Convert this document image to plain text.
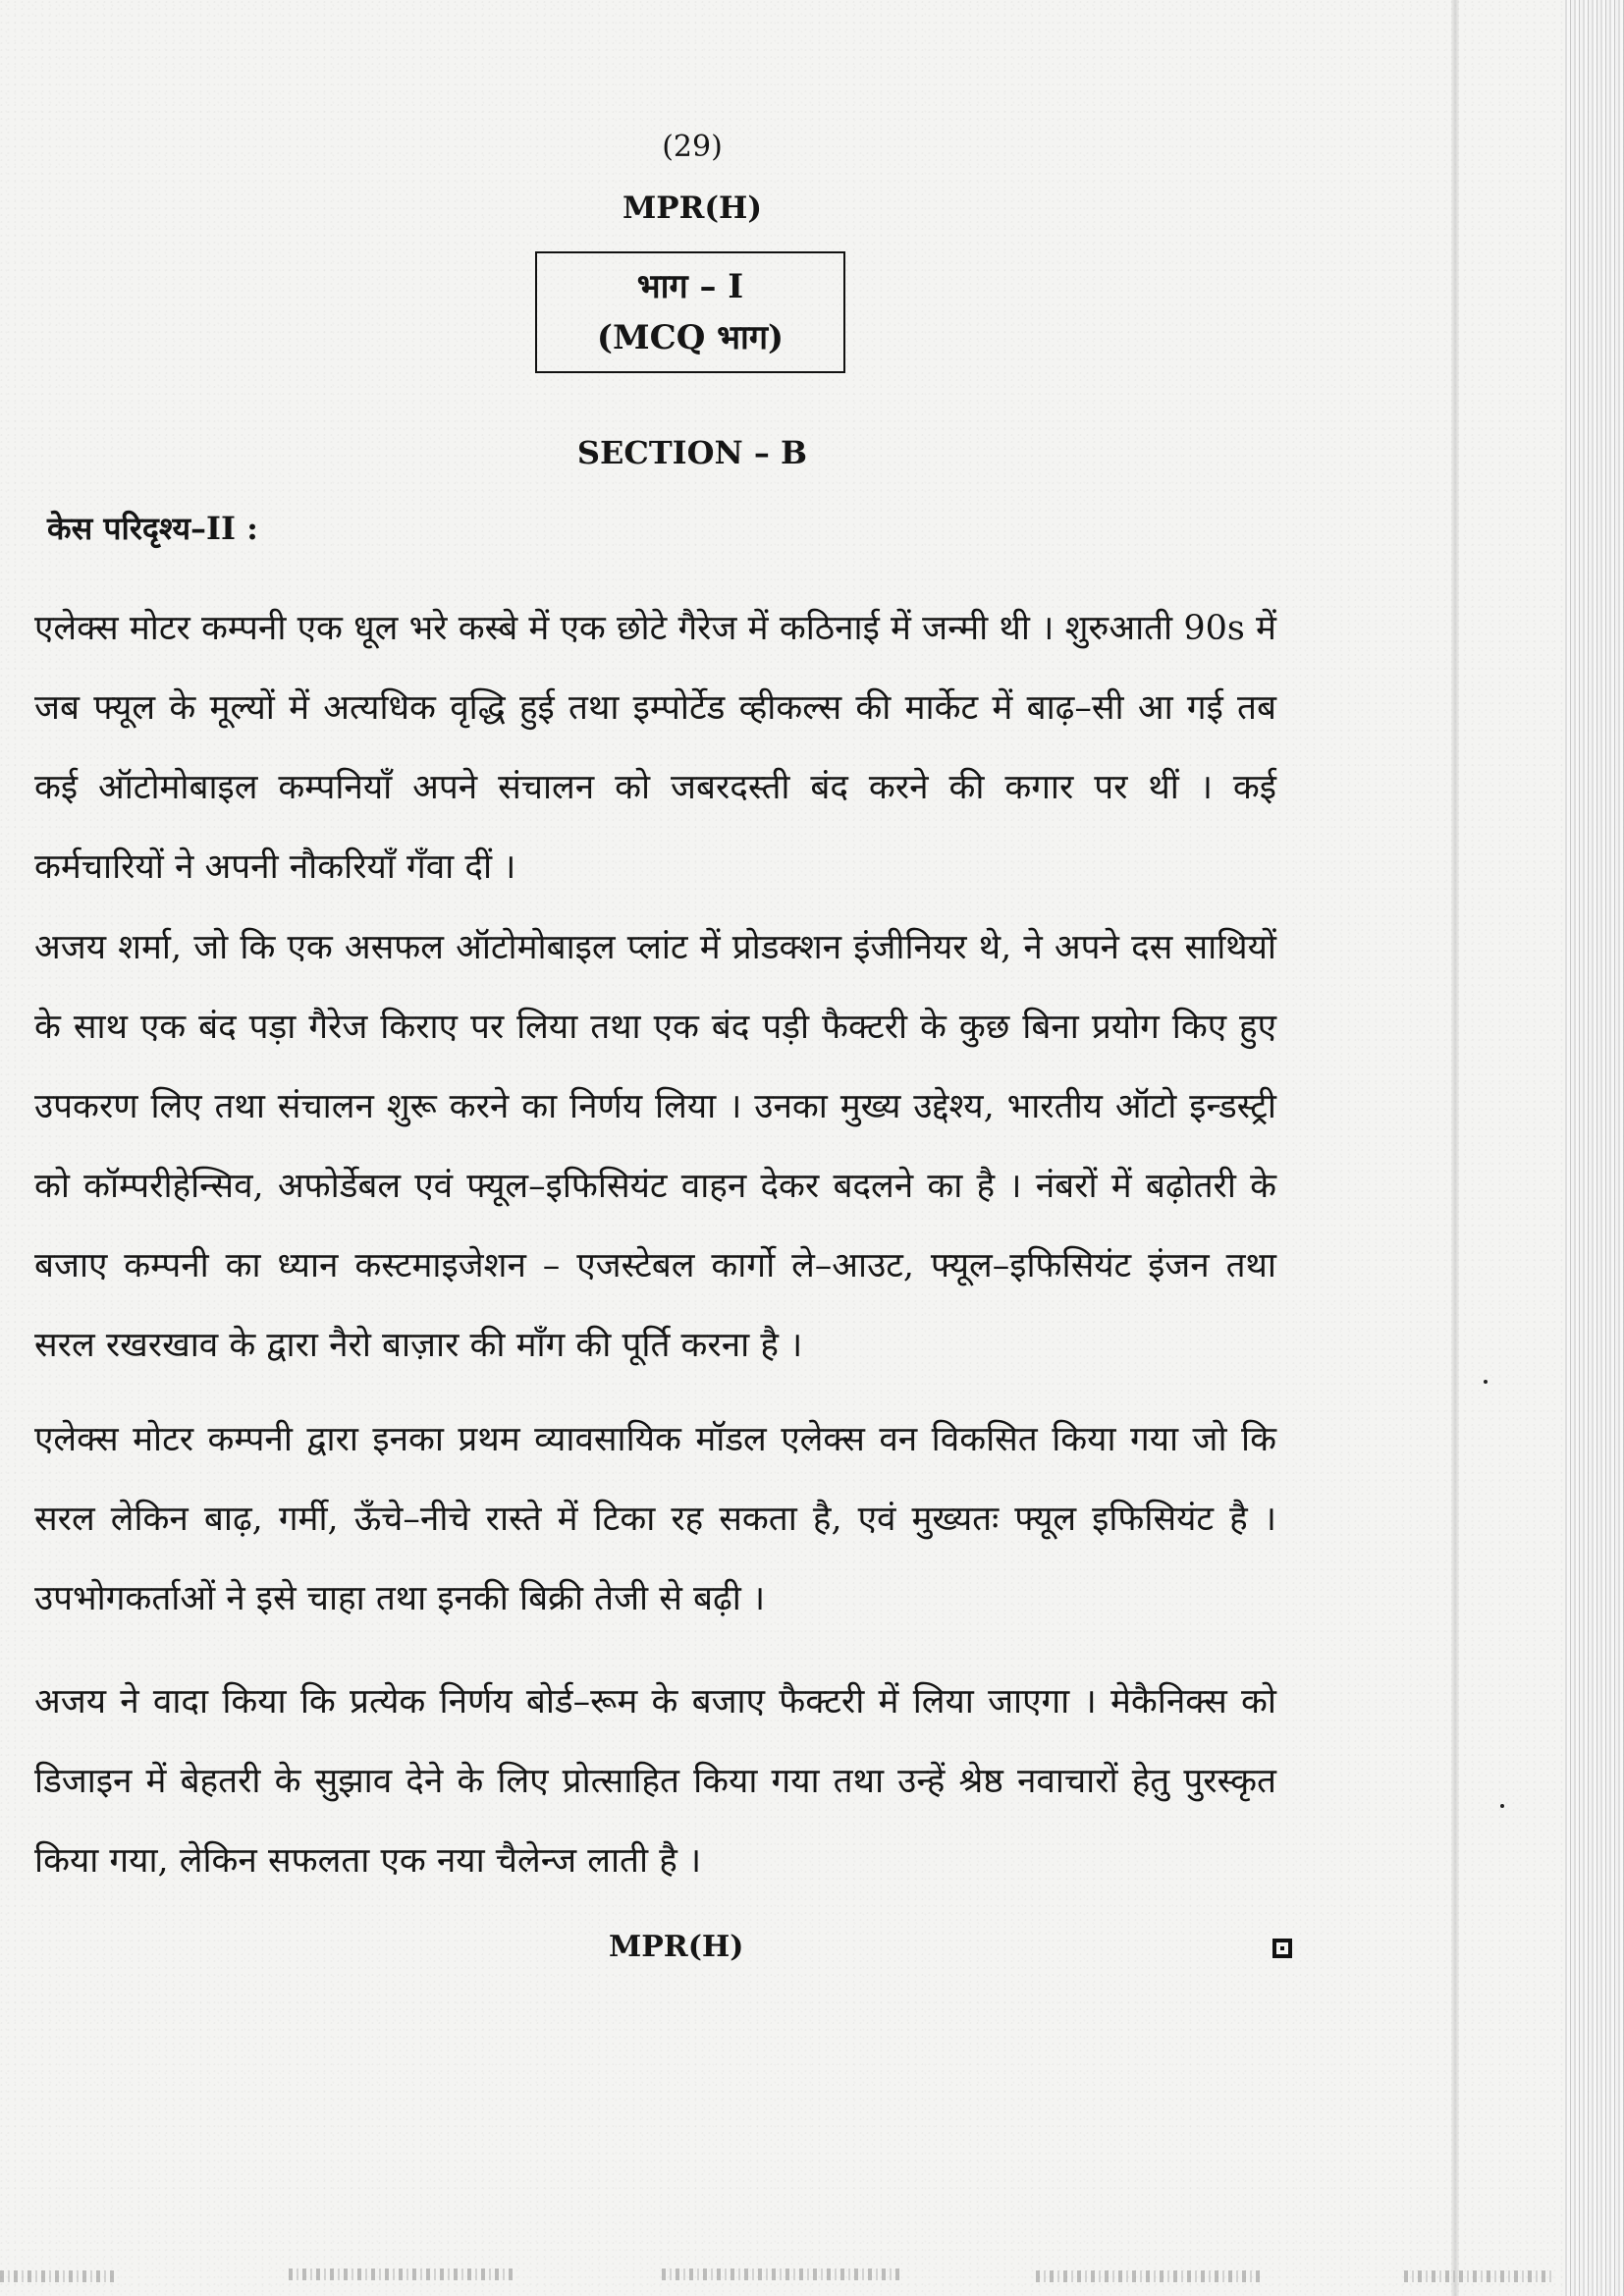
(29)
MPR(H)
भाग – I
(MCQ भाग)
SECTION – B
केस परिदृश्य–II :
एलेक्स मोटर कम्पनी एक धूल भरे कस्बे में एक छोटे गैरेज में कठिनाई में जन्मी थी । शुरुआती 90s में जब फ्यूल के मूल्यों में अत्यधिक वृद्धि हुई तथा इम्पोर्टेड व्हीकल्स की मार्केट में बाढ़–सी आ गई तब कई ऑटोमोबाइल कम्पनियाँ अपने संचालन को जबरदस्ती बंद करने की कगार पर थीं । कई कर्मचारियों ने अपनी नौकरियाँ गँवा दीं ।
अजय शर्मा, जो कि एक असफल ऑटोमोबाइल प्लांट में प्रोडक्शन इंजीनियर थे, ने अपने दस साथियों के साथ एक बंद पड़ा गैरेज किराए पर लिया तथा एक बंद पड़ी फैक्टरी के कुछ बिना प्रयोग किए हुए उपकरण लिए तथा संचालन शुरू करने का निर्णय लिया । उनका मुख्य उद्देश्य, भारतीय ऑटो इन्डस्ट्री को कॉम्परीहेन्सिव, अफोर्डेबल एवं फ्यूल–इफिसियंट वाहन देकर बदलने का है । नंबरों में बढ़ोतरी के बजाए कम्पनी का ध्यान कस्टमाइजेशन – एजस्टेबल कार्गो ले–आउट, फ्यूल–इफिसियंट इंजन तथा सरल रखरखाव के द्वारा नैरो बाज़ार की माँग की पूर्ति करना है ।
एलेक्स मोटर कम्पनी द्वारा इनका प्रथम व्यावसायिक मॉडल एलेक्स वन विकसित किया गया जो कि सरल लेकिन बाढ़, गर्मी, ऊँचे–नीचे रास्ते में टिका रह सकता है, एवं मुख्यतः फ्यूल इफिसियंट है । उपभोगकर्ताओं ने इसे चाहा तथा इनकी बिक्री तेजी से बढ़ी ।
अजय ने वादा किया कि प्रत्येक निर्णय बोर्ड–रूम के बजाए फैक्टरी में लिया जाएगा । मेकैनिक्स को डिजाइन में बेहतरी के सुझाव देने के लिए प्रोत्साहित किया गया तथा उन्हें श्रेष्ठ नवाचारों हेतु पुरस्कृत किया गया, लेकिन सफलता एक नया चैलेन्ज लाती है ।
MPR(H)
